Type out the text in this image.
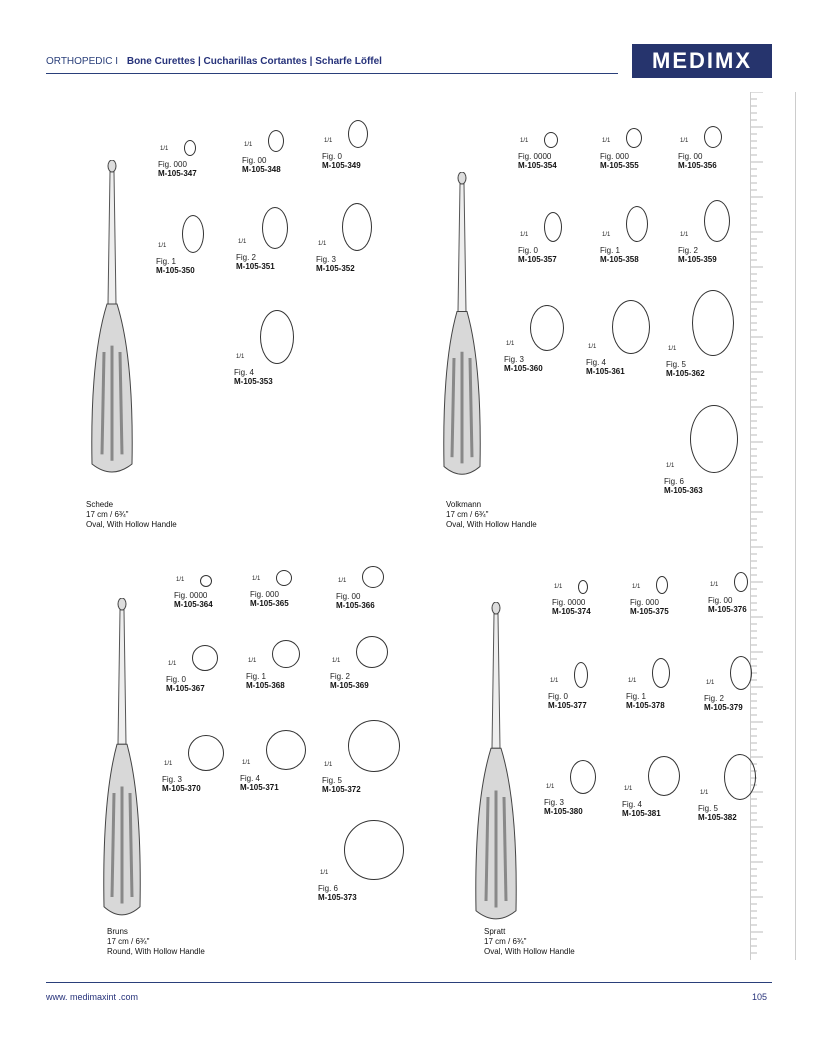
ORTHOPEDIC I Bone Curettes | Cucharillas Cortantes | Scharfe Löffel	MEDIMX
Schede
17 cm / 6¾"
Oval, With Hollow Handle
1/1
Fig. 000
M-105-347
1/1
Fig. 00
M-105-348
1/1
Fig. 0
M-105-349
1/1
Fig. 1
M-105-350
1/1
Fig. 2
M-105-351
1/1
Fig. 3
M-105-352
1/1
Fig. 4
M-105-353
Volkmann
17 cm / 6¾"
Oval, With Hollow Handle
1/1
Fig. 0000
M-105-354
1/1
Fig. 000
M-105-355
1/1
Fig. 00
M-105-356
1/1
Fig. 0
M-105-357
1/1
Fig. 1
M-105-358
1/1
Fig. 2
M-105-359
1/1
Fig. 3
M-105-360
1/1
Fig. 4
M-105-361
1/1
Fig. 5
M-105-362
1/1
Fig. 6
M-105-363
Bruns
17 cm / 6¾"
Round, With Hollow Handle
1/1
Fig. 0000
M-105-364
1/1
Fig. 000
M-105-365
1/1
Fig. 00
M-105-366
1/1
Fig. 0
M-105-367
1/1
Fig. 1
M-105-368
1/1
Fig. 2
M-105-369
1/1
Fig. 3
M-105-370
1/1
Fig. 4
M-105-371
1/1
Fig. 5
M-105-372
1/1
Fig. 6
M-105-373
Spratt
17 cm / 6¾"
Oval, With Hollow Handle
1/1
Fig. 0000
M-105-374
1/1
Fig. 000
M-105-375
1/1
Fig. 00
M-105-376
1/1
Fig. 0
M-105-377
1/1
Fig. 1
M-105-378
1/1
Fig. 2
M-105-379
1/1
Fig. 3
M-105-380
1/1
Fig. 4
M-105-381
1/1
Fig. 5
M-105-382
www. medimaxint .com	105
